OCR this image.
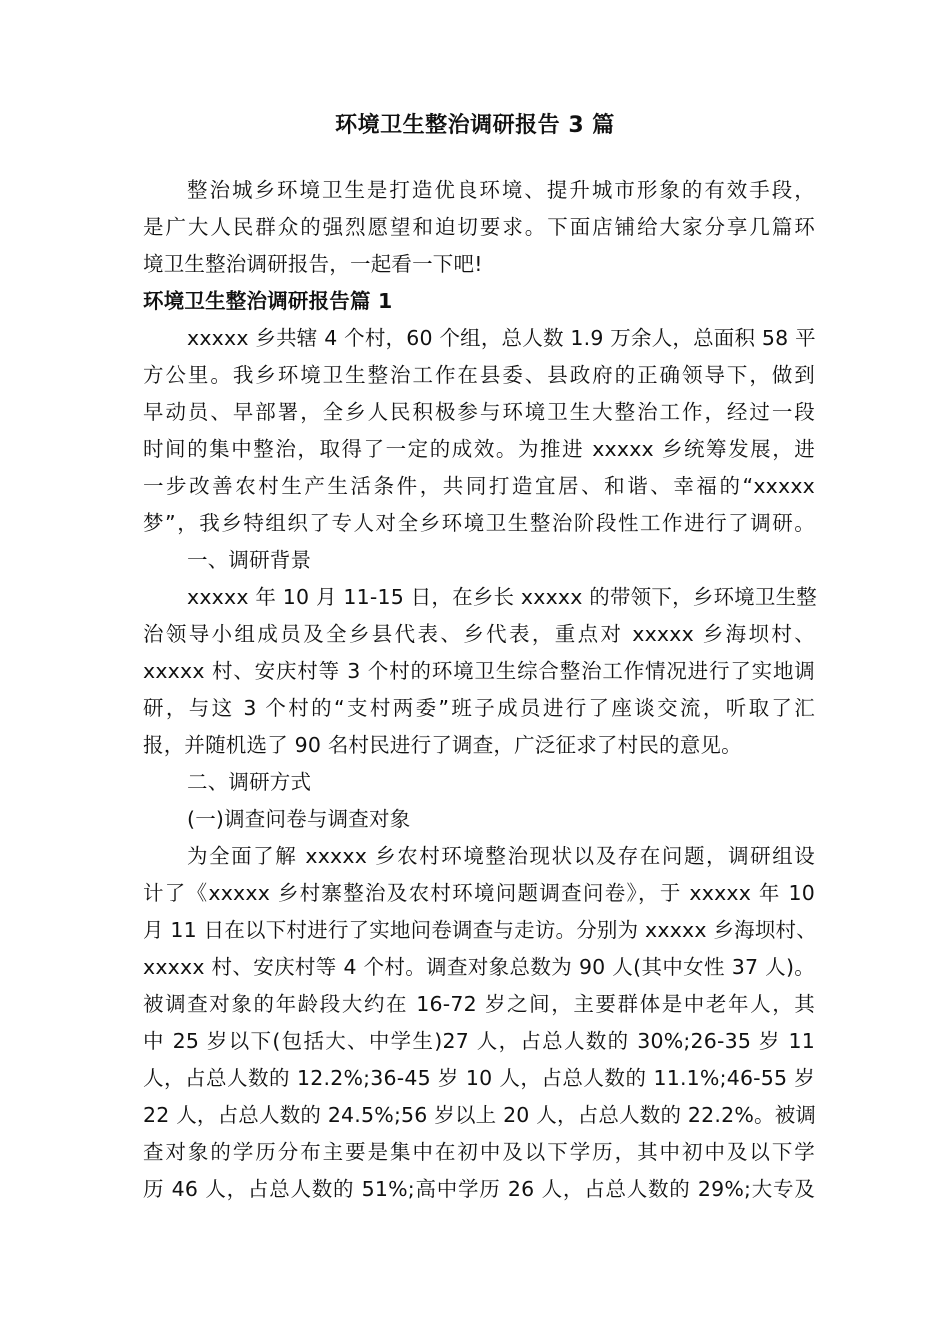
环境卫生整治调研报告 3 篇
整治城乡环境卫生是打造优良环境、提升城市形象的有效手段，
是广大人民群众的强烈愿望和迫切要求。下面店铺给大家分享几篇环
境卫生整治调研报告，一起看一下吧!
环境卫生整治调研报告篇 1
xxxxx 乡共辖 4 个村，60 个组，总人数 1.9 万余人，总面积 58 平
方公里。我乡环境卫生整治工作在县委、县政府的正确领导下，做到
早动员、早部署，全乡人民积极参与环境卫生大整治工作，经过一段
时间的集中整治，取得了一定的成效。为推进 xxxxx 乡统筹发展，进
一步改善农村生产生活条件，共同打造宜居、和谐、幸福的“xxxxx
梦”，我乡特组织了专人对全乡环境卫生整治阶段性工作进行了调研。
一、调研背景
xxxxx 年 10 月 11-15 日，在乡长 xxxxx 的带领下，乡环境卫生整
治领导小组成员及全乡县代表、乡代表，重点对 xxxxx 乡海坝村、
xxxxx 村、安庆村等 3 个村的环境卫生综合整治工作情况进行了实地调
研，与这 3 个村的“支村两委”班子成员进行了座谈交流，听取了汇
报，并随机选了 90 名村民进行了调查，广泛征求了村民的意见。
二、调研方式
(一)调查问卷与调查对象
为全面了解 xxxxx 乡农村环境整治现状以及存在问题，调研组设
计了《xxxxx 乡村寨整治及农村环境问题调查问卷》，于 xxxxx 年 10
月 11 日在以下村进行了实地问卷调查与走访。分别为 xxxxx 乡海坝村、
xxxxx 村、安庆村等 4 个村。调查对象总数为 90 人(其中女性 37 人)。
被调查对象的年龄段大约在 16-72 岁之间，主要群体是中老年人，其
中 25 岁以下(包括大、中学生)27 人，占总人数的 30%;26-35 岁 11
人，占总人数的 12.2%;36-45 岁 10 人，占总人数的 11.1%;46-55 岁
22 人，占总人数的 24.5%;56 岁以上 20 人，占总人数的 22.2%。被调
查对象的学历分布主要是集中在初中及以下学历，其中初中及以下学
历 46 人，占总人数的 51%;高中学历 26 人，占总人数的 29%;大专及
